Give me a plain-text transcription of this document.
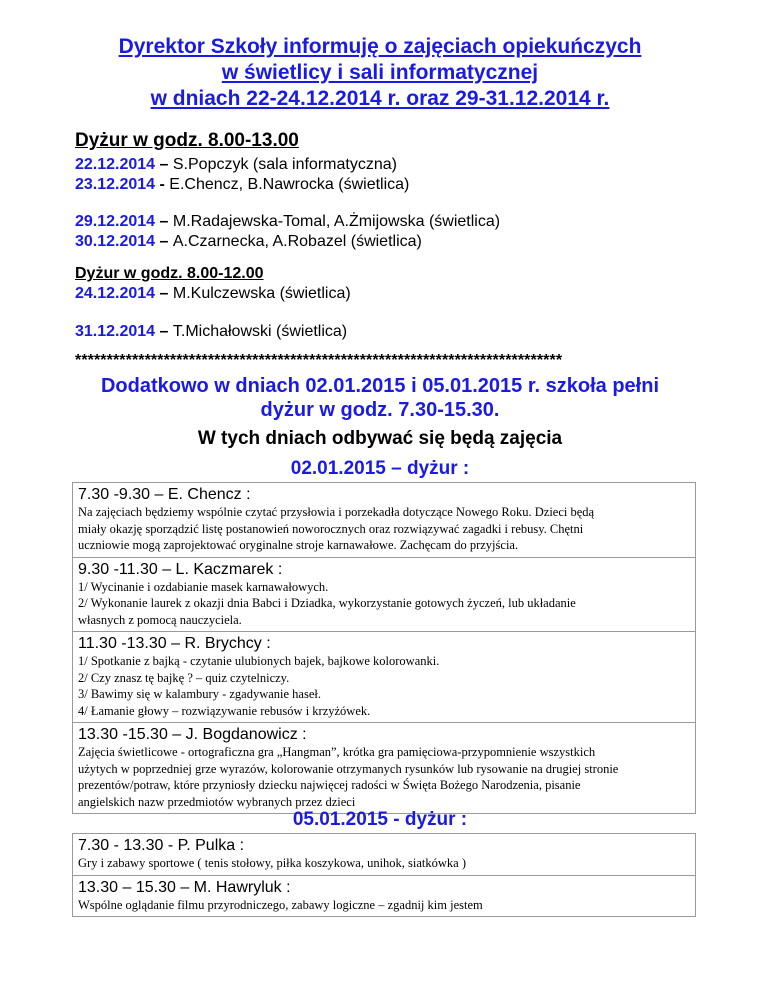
Dyrektor Szkoły informuję o zajęciach opiekuńczych
w świetlicy i sali informatycznej
w dniach 22-24.12.2014 r. oraz 29-31.12.2014 r.
Dyżur w godz. 8.00-13.00
22.12.2014 – S.Popczyk (sala informatyczna)
23.12.2014 - E.Chencz, B.Nawrocka (świetlica)
29.12.2014 – M.Radajewska-Tomal, A.Żmijowska (świetlica)
30.12.2014 – A.Czarnecka, A.Robazel (świetlica)
Dyżur w godz. 8.00-12.00
24.12.2014 – M.Kulczewska (świetlica)
31.12.2014 – T.Michałowski (świetlica)
*****************************************************************************
Dodatkowo w dniach 02.01.2015 i 05.01.2015 r. szkoła pełni
dyżur w godz. 7.30-15.30.
W tych dniach odbywać się będą zajęcia
02.01.2015 – dyżur :
7.30 -9.30 – E. Chencz :
Na zajęciach będziemy wspólnie czytać przysłowia i porzekadła dotyczące Nowego Roku. Dzieci będą
miały okazję sporządzić listę postanowień noworocznych oraz rozwiązywać zagadki i rebusy. Chętni
uczniowie mogą zaprojektować oryginalne stroje karnawałowe. Zachęcam do przyjścia.
9.30 -11.30 – L. Kaczmarek :
1/ Wycinanie i ozdabianie masek karnawałowych.
2/ Wykonanie laurek z okazji dnia Babci i Dziadka, wykorzystanie gotowych życzeń, lub układanie
własnych z pomocą nauczyciela.
11.30 -13.30 – R. Brychcy :
1/ Spotkanie z bajką - czytanie ulubionych bajek, bajkowe kolorowanki.
2/ Czy znasz tę bajkę ? – quiz czytelniczy.
3/ Bawimy się w kalambury - zgadywanie haseł.
4/ Łamanie głowy – rozwiązywanie rebusów i krzyżówek.
13.30 -15.30 – J. Bogdanowicz :
Zajęcia świetlicowe - ortograficzna gra „Hangman”, krótka gra pamięciowa-przypomnienie wszystkich
użytych w poprzedniej grze wyrazów, kolorowanie otrzymanych rysunków lub rysowanie na drugiej stronie
prezentów/potraw, które przyniosły dziecku najwięcej radości w Święta Bożego Narodzenia, pisanie
angielskich nazw przedmiotów wybranych przez dzieci
05.01.2015 - dyżur :
7.30 - 13.30 - P. Pulka :
Gry i zabawy sportowe ( tenis stołowy, piłka koszykowa, unihok, siatkówka )
13.30 – 15.30 – M. Hawryluk :
Wspólne oglądanie filmu przyrodniczego, zabawy logiczne – zgadnij kim jestem
